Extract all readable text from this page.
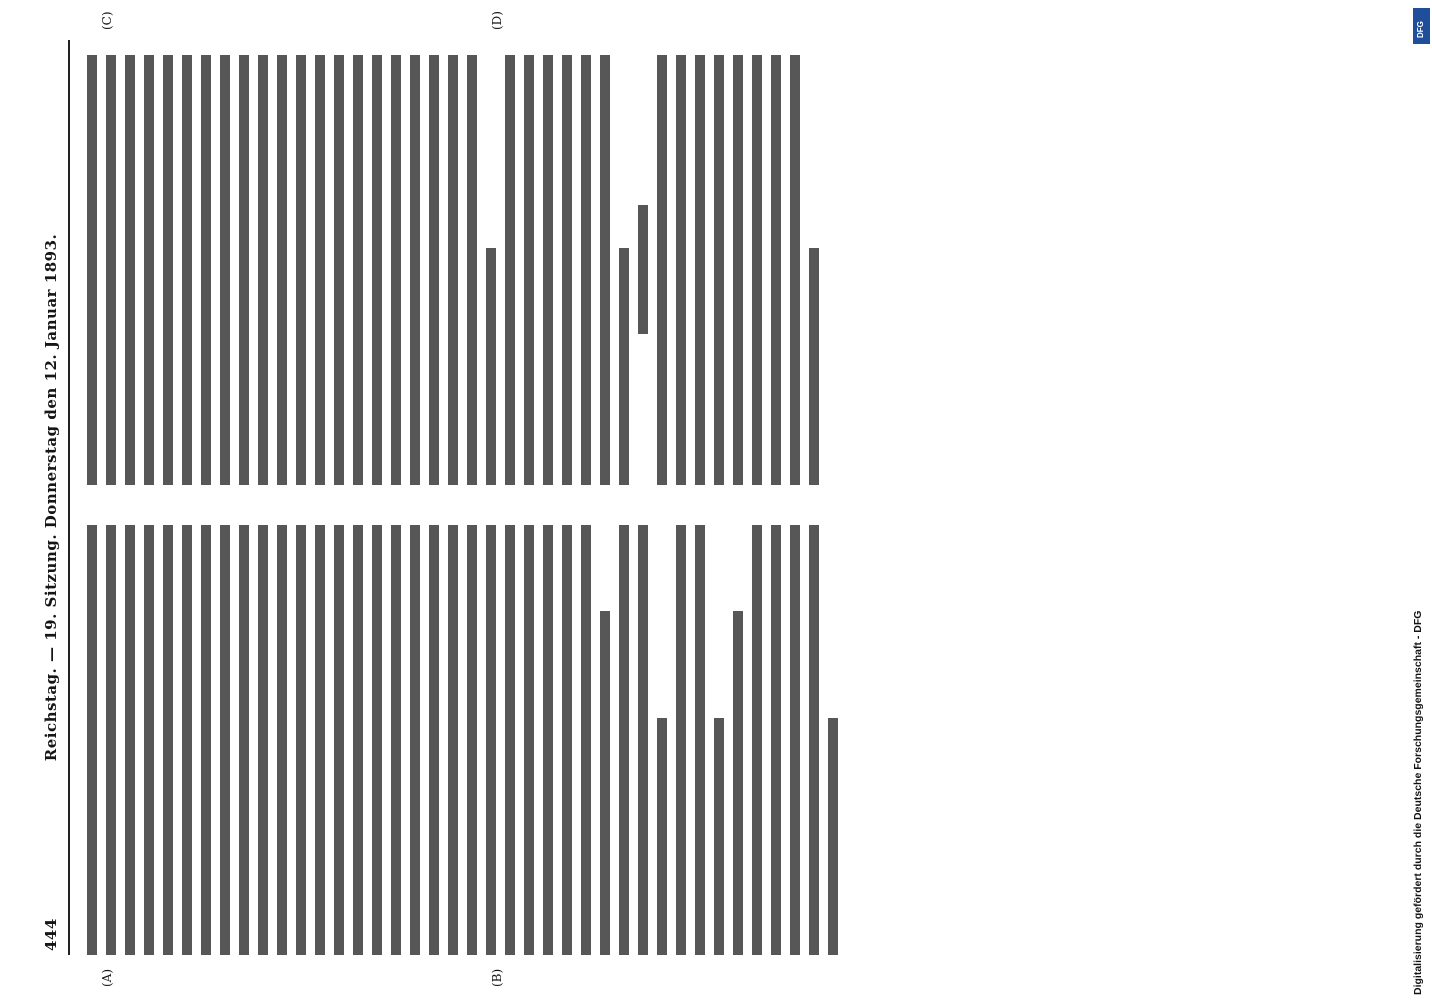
444
Reichstag. — 19. Sitzung. Donnerstag den 12. Januar 1893.
(A)	(B)
(C)	(D)
Digitalisierung gefördert durch die Deutsche Forschungsgemeinschaft - DFG
DFG
